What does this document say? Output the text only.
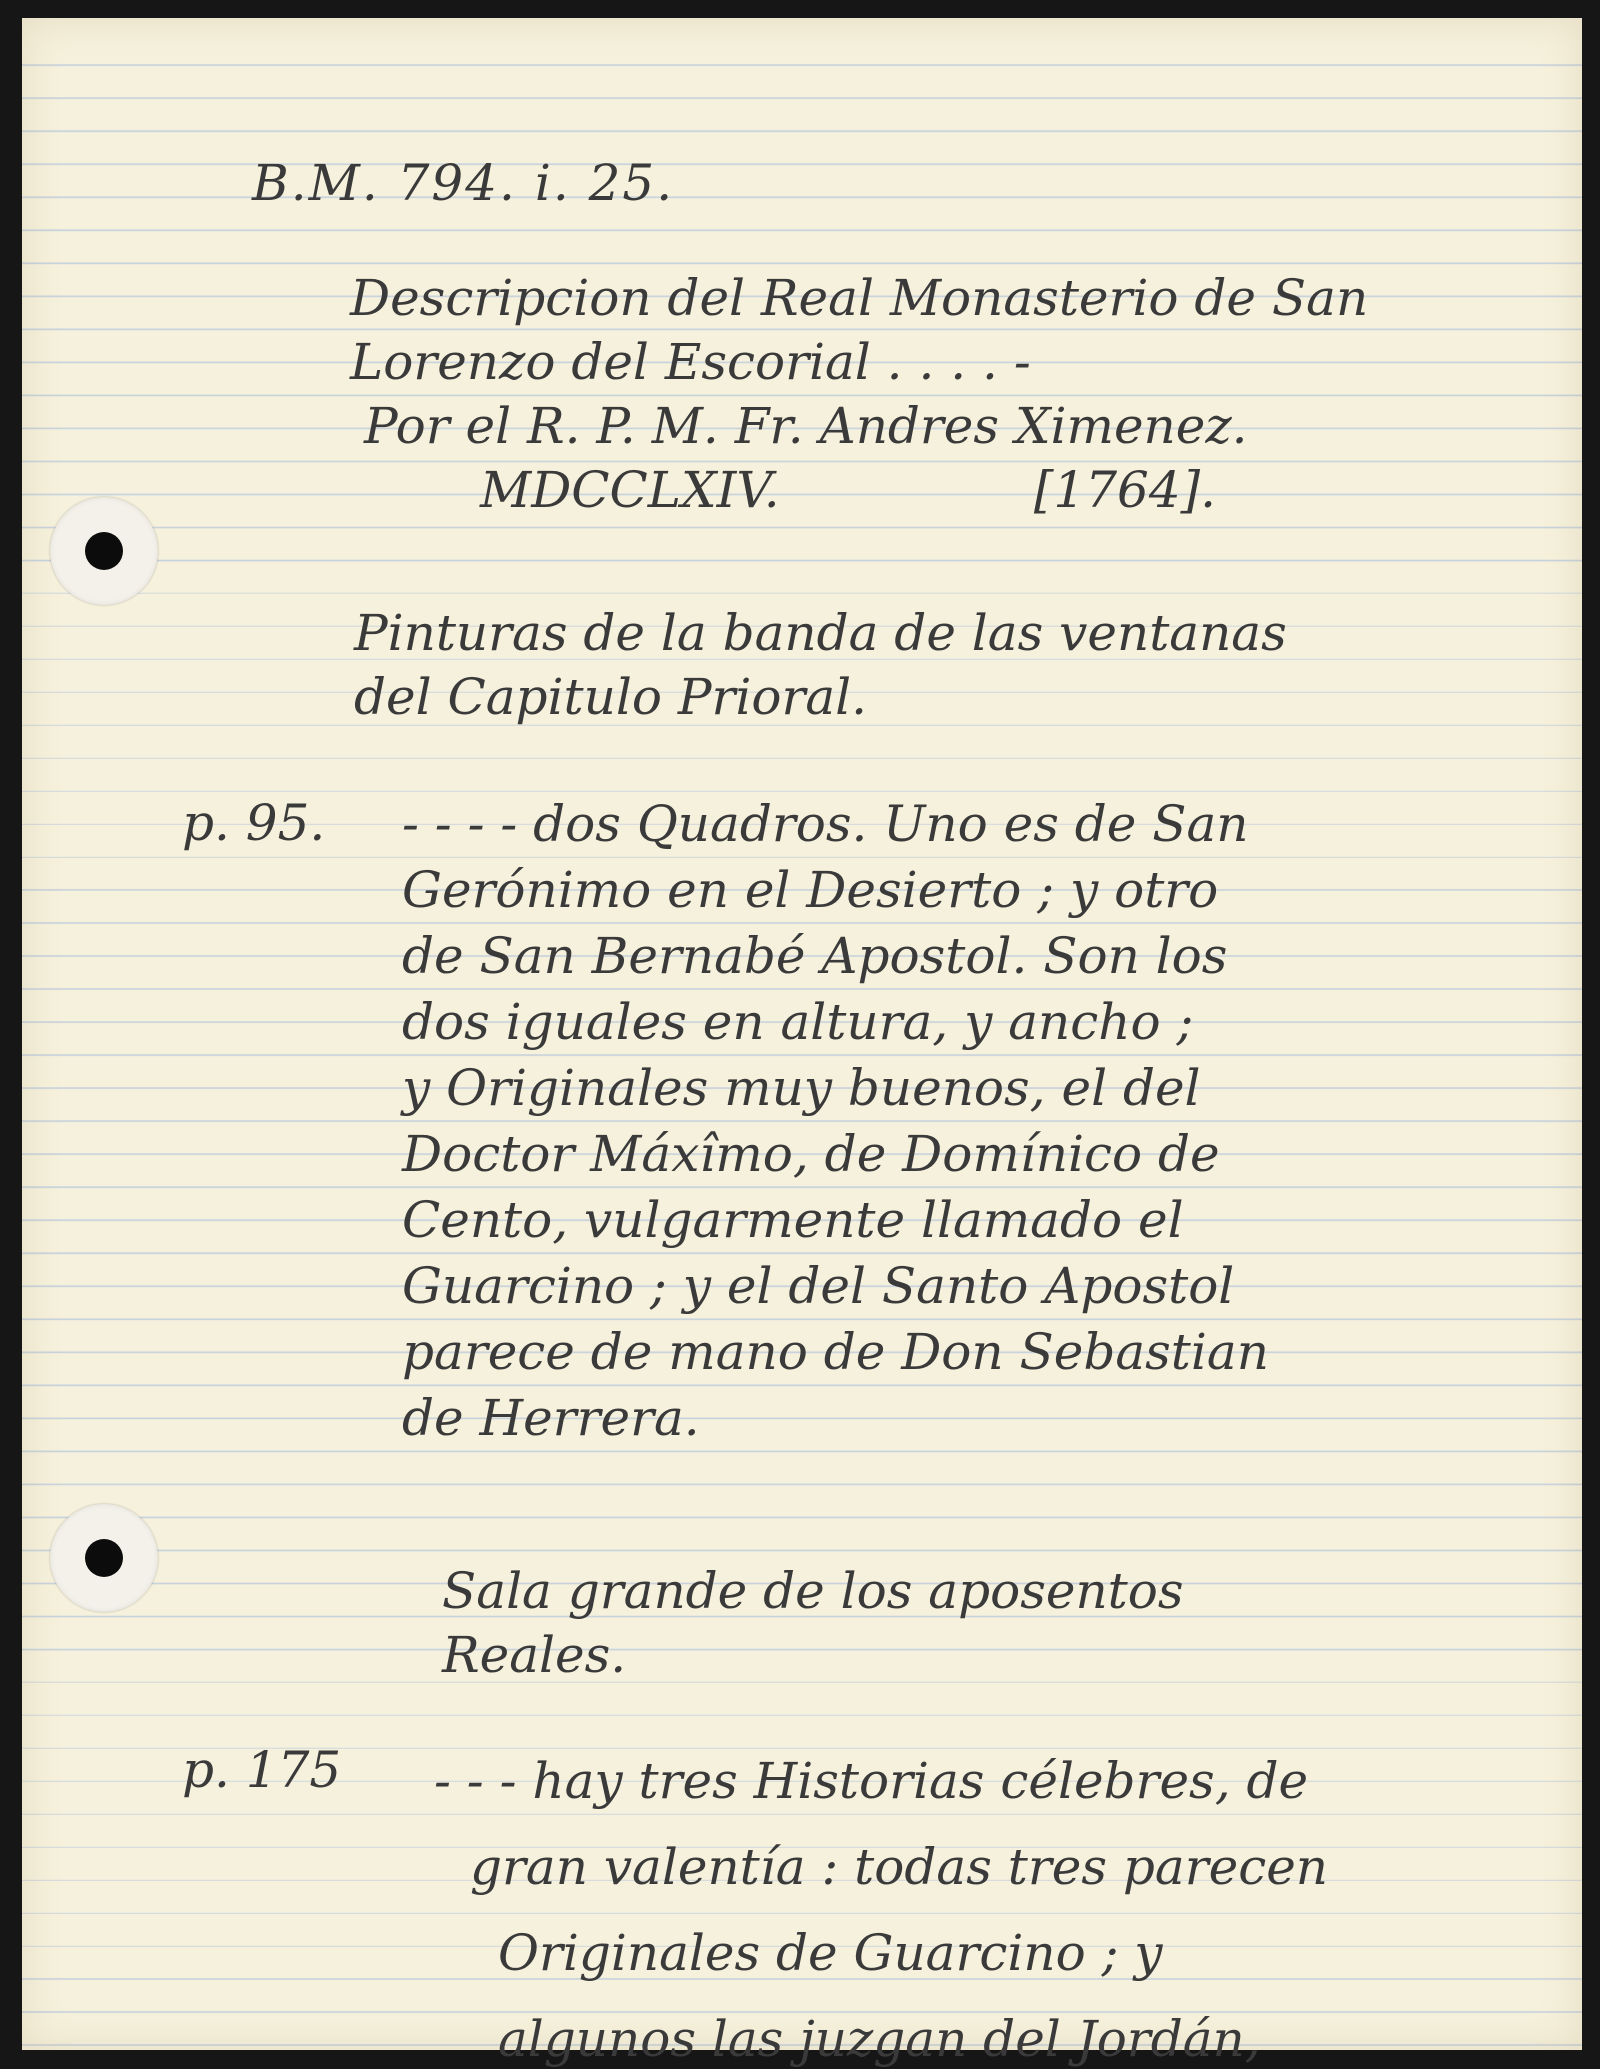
B.M. 794. i. 25.

Descripcion del Real Monasterio de San
Lorenzo del Escorial . . . . -
Por el R. P. M. Fr. Andres Ximenez.
MDCCLXIV.                [1764].
Pinturas de la banda de las ventanas
del Capitulo Prioral.

p. 95. - - - - dos Quadros. Uno es de San
Gerónimo en el Desierto ; y otro
de San Bernabé Apostol. Son los
dos iguales en altura, y ancho ;
y Originales muy buenos, el del
Doctor Máxîmo, de Domínico de
Cento, vulgarmente llamado el
Guarcino ; y el del Santo Apostol
parece de mano de Don Sebastian
de Herrera.
Sala grande de los aposentos
Reales.

p. 175 - - - hay tres Historias célebres, de
gran valentía : todas tres parecen
Originales de Guarcino ; y
algunos las juzgan del Jordán,
